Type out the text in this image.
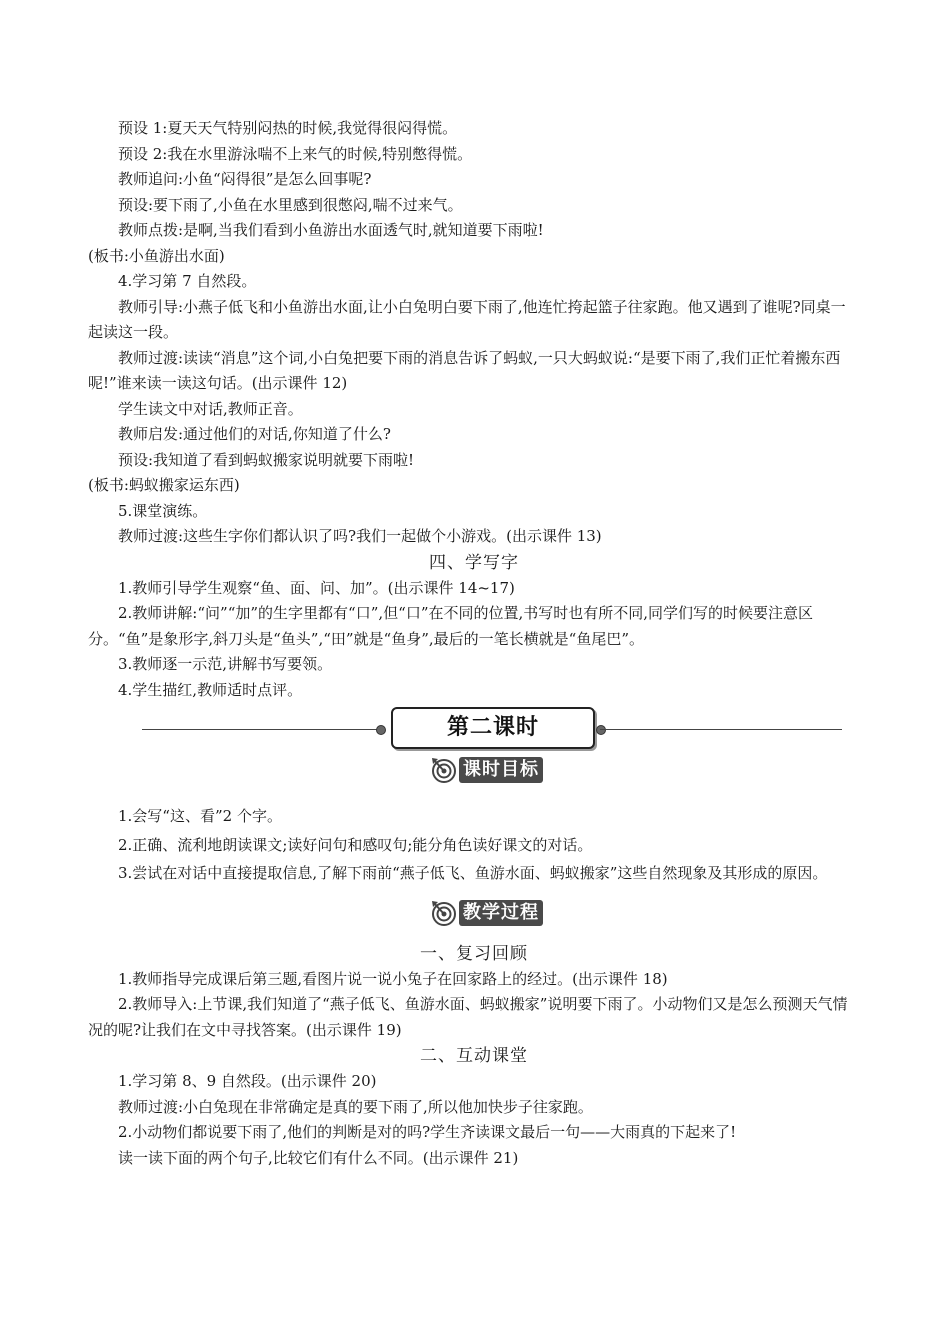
预设 1:夏天天气特别闷热的时候,我觉得很闷得慌。

预设 2:我在水里游泳喘不上来气的时候,特别憋得慌。

教师追问:小鱼“闷得很”是怎么回事呢?

预设:要下雨了,小鱼在水里感到很憋闷,喘不过来气。

教师点拨:是啊,当我们看到小鱼游出水面透气时,就知道要下雨啦!

(板书:小鱼游出水面)

4.学习第 7 自然段。

教师引导:小燕子低飞和小鱼游出水面,让小白兔明白要下雨了,他连忙挎起篮子往家跑。他又遇到了谁呢?同桌一起读这一段。

教师过渡:读读“消息”这个词,小白兔把要下雨的消息告诉了蚂蚁,一只大蚂蚁说:“是要下雨了,我们正忙着搬东西呢!”谁来读一读这句话。(出示课件 12)

学生读文中对话,教师正音。

教师启发:通过他们的对话,你知道了什么?

预设:我知道了看到蚂蚁搬家说明就要下雨啦!

(板书:蚂蚁搬家运东西)

5.课堂演练。

教师过渡:这些生字你们都认识了吗?我们一起做个小游戏。(出示课件 13)

四、学写字

1.教师引导学生观察“鱼、面、问、加”。(出示课件 14~17)

2.教师讲解:“问”“加”的生字里都有“口”,但“口”在不同的位置,书写时也有所不同,同学们写的时候要注意区分。“鱼”是象形字,斜刀头是“鱼头”,“田”就是“鱼身”,最后的一笔长横就是“鱼尾巴”。

3.教师逐一示范,讲解书写要领。

4.学生描红,教师适时点评。

第二课时
课时目标

1.会写“这、看”2 个字。

2.正确、流利地朗读课文;读好问句和感叹句;能分角色读好课文的对话。

3.尝试在对话中直接提取信息,了解下雨前“燕子低飞、鱼游水面、蚂蚁搬家”这些自然现象及其形成的原因。

教学过程

一、复习回顾

1.教师指导完成课后第三题,看图片说一说小兔子在回家路上的经过。(出示课件 18)

2.教师导入:上节课,我们知道了“燕子低飞、鱼游水面、蚂蚁搬家”说明要下雨了。小动物们又是怎么预测天气情况的呢?让我们在文中寻找答案。(出示课件 19)

二、互动课堂

1.学习第 8、9 自然段。(出示课件 20)

教师过渡:小白兔现在非常确定是真的要下雨了,所以他加快步子往家跑。

2.小动物们都说要下雨了,他们的判断是对的吗?学生齐读课文最后一句——大雨真的下起来了!

读一读下面的两个句子,比较它们有什么不同。(出示课件 21)
